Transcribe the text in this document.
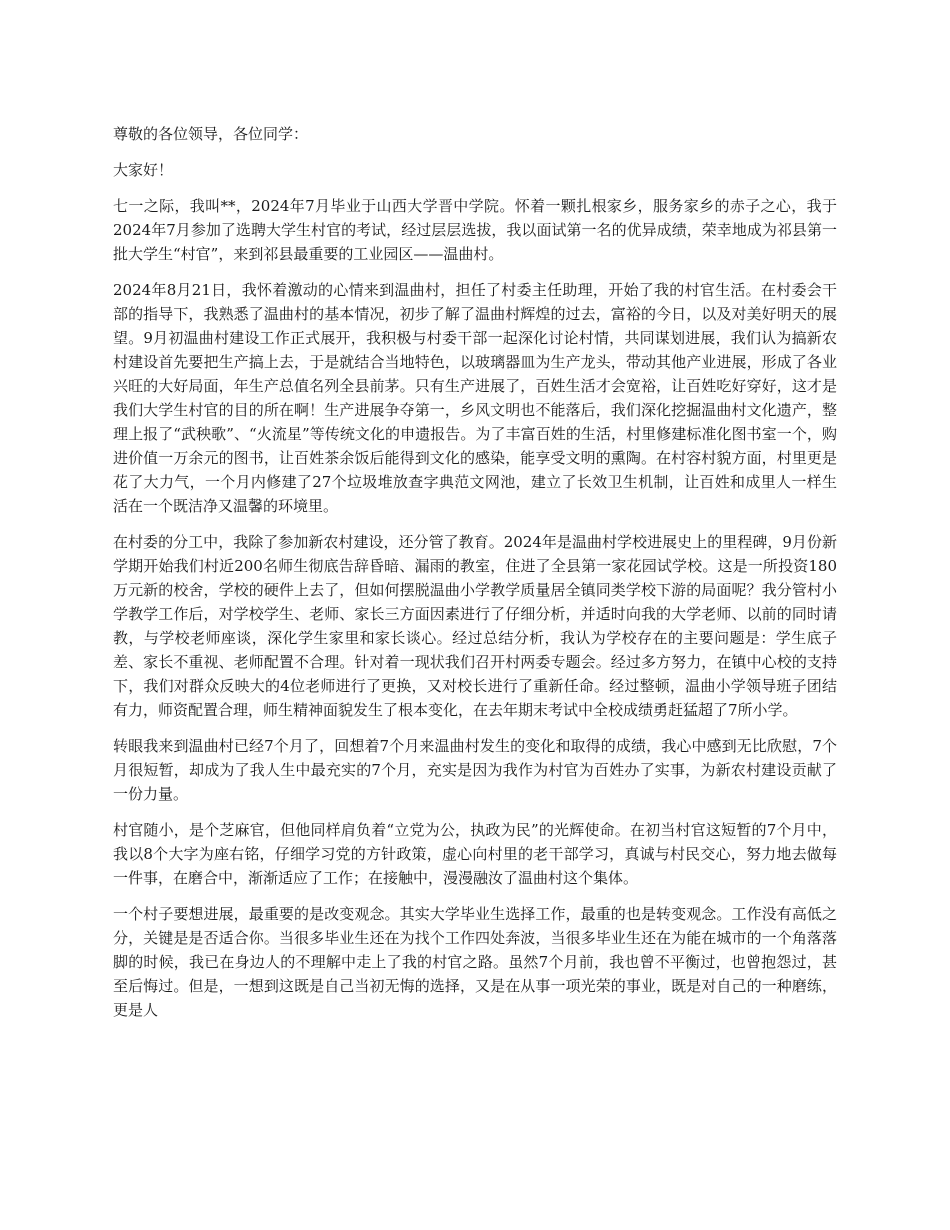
尊敬的各位领导，各位同学：

大家好！

七一之际，我叫**，2024年7月毕业于山西大学晋中学院。怀着一颗扎根家乡，服务家乡的赤子之心，我于2024年7月参加了选聘大学生村官的考试，经过层层选拔，我以面试第一名的优异成绩，荣幸地成为祁县第一批大学生“村官”，来到祁县最重要的工业园区——温曲村。

2024年8月21日，我怀着激动的心情来到温曲村，担任了村委主任助理，开始了我的村官生活。在村委会干部的指导下，我熟悉了温曲村的基本情况，初步了解了温曲村辉煌的过去，富裕的今日，以及对美好明天的展望。9月初温曲村建设工作正式展开，我积极与村委干部一起深化讨论村情，共同谋划进展，我们认为搞新农村建设首先要把生产搞上去，于是就结合当地特色，以玻璃器皿为生产龙头，带动其他产业进展，形成了各业兴旺的大好局面，年生产总值名列全县前茅。只有生产进展了，百姓生活才会宽裕，让百姓吃好穿好，这才是我们大学生村官的目的所在啊！生产进展争夺第一，乡风文明也不能落后，我们深化挖掘温曲村文化遗产，整理上报了“武秧歌”、“火流星”等传统文化的申遗报告。为了丰富百姓的生活，村里修建标准化图书室一个，购进价值一万余元的图书，让百姓茶余饭后能得到文化的感染，能享受文明的熏陶。在村容村貌方面，村里更是花了大力气，一个月内修建了27个垃圾堆放查字典范文网池，建立了长效卫生机制，让百姓和成里人一样生活在一个既洁净又温馨的环境里。

在村委的分工中，我除了参加新农村建设，还分管了教育。2024年是温曲村学校进展史上的里程碑，9月份新学期开始我们村近200名师生彻底告辞昏暗、漏雨的教室，住进了全县第一家花园试学校。这是一所投资180万元新的校舍，学校的硬件上去了，但如何摆脱温曲小学教学质量居全镇同类学校下游的局面呢？我分管村小学教学工作后，对学校学生、老师、家长三方面因素进行了仔细分析，并适时向我的大学老师、以前的同时请教，与学校老师座谈，深化学生家里和家长谈心。经过总结分析，我认为学校存在的主要问题是：学生底子差、家长不重视、老师配置不合理。针对着一现状我们召开村两委专题会。经过多方努力，在镇中心校的支持下，我们对群众反映大的4位老师进行了更换，又对校长进行了重新任命。经过整顿，温曲小学领导班子团结有力，师资配置合理，师生精神面貌发生了根本变化，在去年期末考试中全校成绩勇赶猛超了7所小学。

转眼我来到温曲村已经7个月了，回想着7个月来温曲村发生的变化和取得的成绩，我心中感到无比欣慰，7个月很短暂，却成为了我人生中最充实的7个月，充实是因为我作为村官为百姓办了实事，为新农村建设贡献了一份力量。

村官随小，是个芝麻官，但他同样肩负着“立党为公，执政为民”的光辉使命。在初当村官这短暂的7个月中，我以8个大字为座右铭，仔细学习党的方针政策，虚心向村里的老干部学习，真诚与村民交心，努力地去做每一件事，在磨合中，渐渐适应了工作；在接触中，漫漫融汝了温曲村这个集体。

一个村子要想进展，最重要的是改变观念。其实大学毕业生选择工作，最重的也是转变观念。工作没有高低之分，关键是是否适合你。当很多毕业生还在为找个工作四处奔波，当很多毕业生还在为能在城市的一个角落落脚的时候，我已在身边人的不理解中走上了我的村官之路。虽然7个月前，我也曾不平衡过，也曾抱怨过，甚至后悔过。但是，一想到这既是自己当初无悔的选择，又是在从事一项光荣的事业，既是对自己的一种磨练，更是人
